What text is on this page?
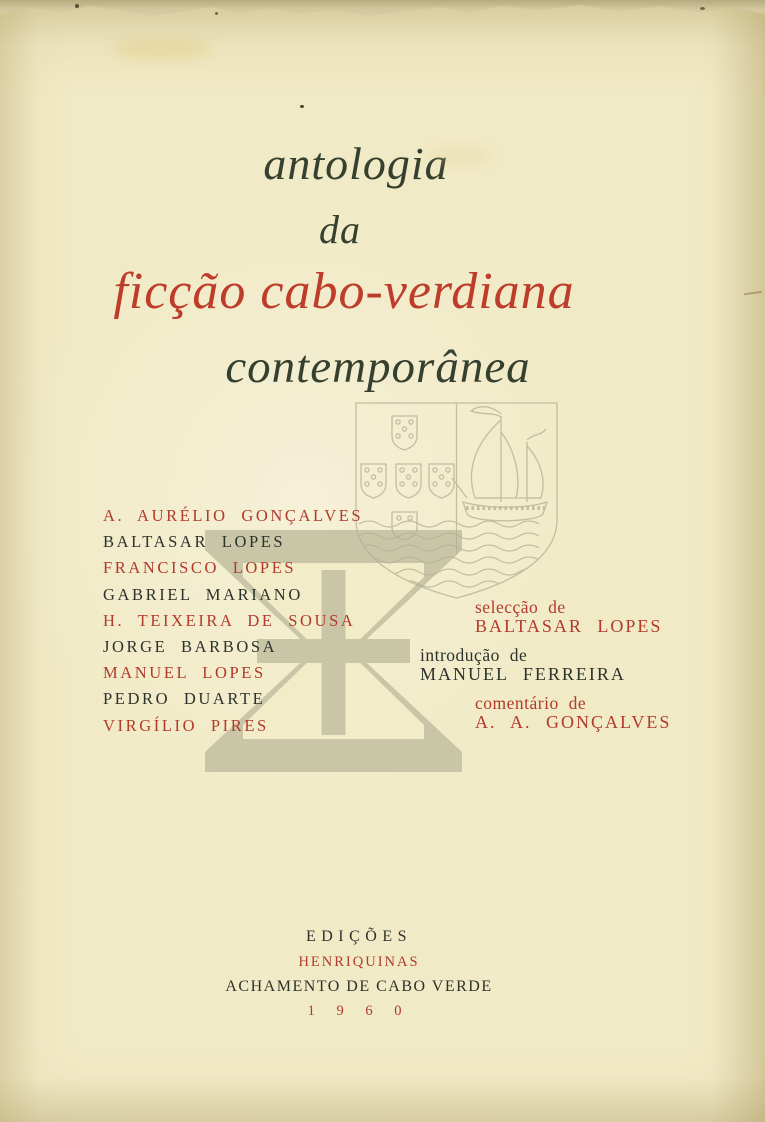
antologia
da
ficção cabo-verdiana
contemporânea
A. AURÉLIO GONÇALVES
BALTASAR LOPES
FRANCISCO LOPES
GABRIEL MARIANO
H. TEIXEIRA DE SOUSA
JORGE BARBOSA
MANUEL LOPES
PEDRO DUARTE
VIRGÍLIO PIRES
selecção de
BALTASAR LOPES
introdução de
MANUEL FERREIRA
comentário de
A. A. GONÇALVES
EDIÇÕES
HENRIQUINAS
ACHAMENTO DE CABO VERDE
1 9 6 0
